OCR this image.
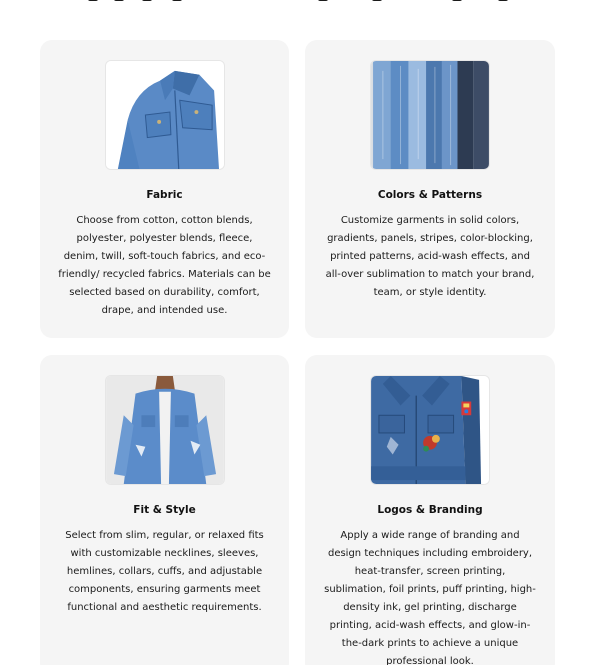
Fabric
Choose from cotton, cotton blends, polyester, polyester blends, fleece, denim, twill, soft-touch fabrics, and eco-friendly/ recycled fabrics. Materials can be selected based on durability, comfort, drape, and intended use.
Colors & Patterns
Customize garments in solid colors, gradients, panels, stripes, color-blocking, printed patterns, acid-wash effects, and all-over sublimation to match your brand, team, or style identity.
Fit & Style
Select from slim, regular, or relaxed fits with customizable necklines, sleeves, hemlines, collars, cuffs, and adjustable components, ensuring garments meet functional and aesthetic requirements.
Logos & Branding
Apply a wide range of branding and design techniques including embroidery, heat-transfer, screen printing, sublimation, foil prints, puff printing, high-density ink, gel printing, discharge printing, acid-wash effects, and glow-in-the-dark prints to achieve a unique professional look.
